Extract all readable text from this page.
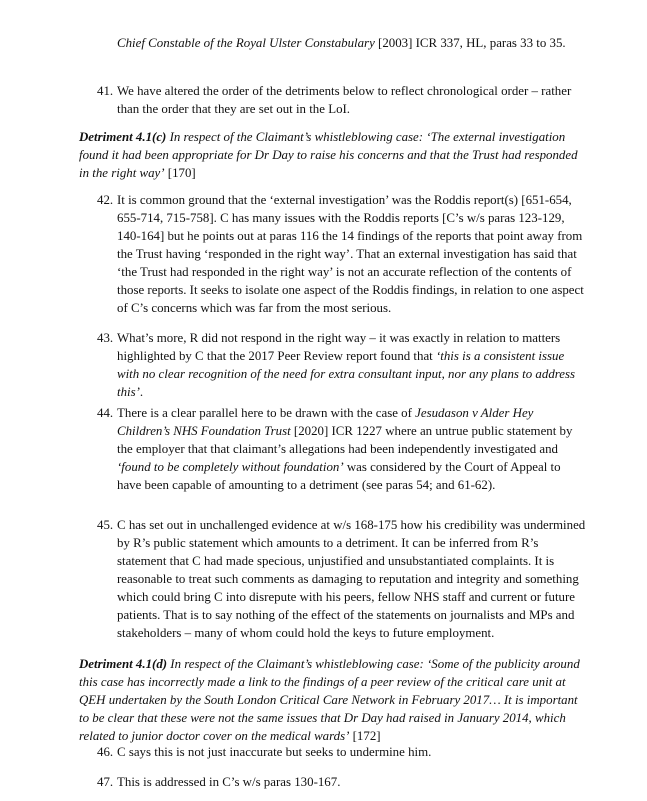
Chief Constable of the Royal Ulster Constabulary [2003] ICR 337, HL, paras 33 to 35.

41. We have altered the order of the detriments below to reflect chronological order – rather than the order that they are set out in the LoI.

Detriment 4.1(c) In respect of the Claimant’s whistleblowing case: ‘The external investigation found it had been appropriate for Dr Day to raise his concerns and that the Trust had responded in the right way’ [170]

42. It is common ground that the ‘external investigation’ was the Roddis report(s) [651-654, 655-714, 715-758]. C has many issues with the Roddis reports [C’s w/s paras 123-129, 140-164] but he points out at paras 116 the 14 findings of the reports that point away from the Trust having ‘responded in the right way’. That an external investigation has said that ‘the Trust had responded in the right way’ is not an accurate reflection of the contents of those reports. It seeks to isolate one aspect of the Roddis findings, in relation to one aspect of C’s concerns which was far from the most serious.

43. What’s more, R did not respond in the right way – it was exactly in relation to matters highlighted by C that the 2017 Peer Review report found that ‘this is a consistent issue with no clear recognition of the need for extra consultant input, nor any plans to address this’.

44. There is a clear parallel here to be drawn with the case of Jesudason v Alder Hey Children’s NHS Foundation Trust [2020] ICR 1227 where an untrue public statement by the employer that that claimant’s allegations had been independently investigated and ‘found to be completely without foundation’ was considered by the Court of Appeal to have been capable of amounting to a detriment (see paras 54; and 61-62).

45. C has set out in unchallenged evidence at w/s 168-175 how his credibility was undermined by R’s public statement which amounts to a detriment. It can be inferred from R’s statement that C had made specious, unjustified and unsubstantiated complaints. It is reasonable to treat such comments as damaging to reputation and integrity and something which could bring C into disrepute with his peers, fellow NHS staff and current or future patients. That is to say nothing of the effect of the statements on journalists and MPs and stakeholders – many of whom could hold the keys to future employment.

Detriment 4.1(d) In respect of the Claimant’s whistleblowing case: ‘Some of the publicity around this case has incorrectly made a link to the findings of a peer review of the critical care unit at QEH undertaken by the South London Critical Care Network in February 2017… It is important to be clear that these were not the same issues that Dr Day had raised in January 2014, which related to junior doctor cover on the medical wards’ [172]

46. C says this is not just inaccurate but seeks to undermine him.

47. This is addressed in C’s w/s paras 130-167.
